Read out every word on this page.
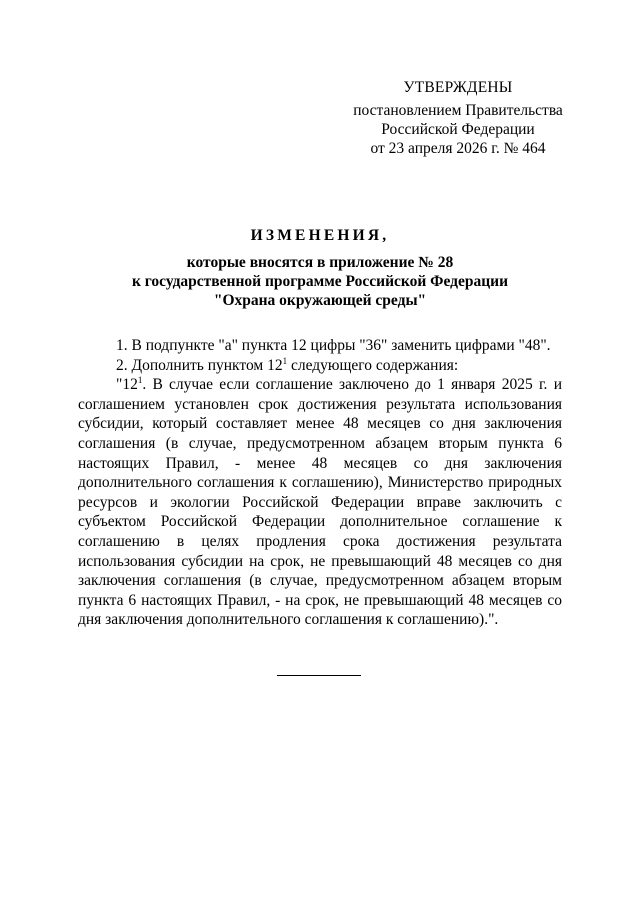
УТВЕРЖДЕНЫ
постановлением Правительства
Российской Федерации
от 23 апреля 2026 г. № 464
ИЗМЕНЕНИЯ,
которые вносятся в приложение № 28
к государственной программе Российской Федерации
"Охрана окружающей среды"

1. В подпункте "а" пункта 12 цифры "36" заменить цифрами "48".

2. Дополнить пунктом $12^1$ следующего содержания:

"$12^1$. В случае если соглашение заключено до 1 января 2025 г. и соглашением установлен срок достижения результата использования субсидии, который составляет менее 48 месяцев со дня заключения соглашения (в случае, предусмотренном абзацем вторым пункта 6 настоящих Правил, - менее 48 месяцев со дня заключения дополнительного соглашения к соглашению), Министерство природных ресурсов и экологии Российской Федерации вправе заключить с субъектом Российской Федерации дополнительное соглашение к соглашению в целях продления срока достижения результата использования субсидии на срок, не превышающий 48 месяцев со дня заключения соглашения (в случае, предусмотренном абзацем вторым пункта 6 настоящих Правил, - на срок, не превышающий 48 месяцев со дня заключения дополнительного соглашения к соглашению).".
